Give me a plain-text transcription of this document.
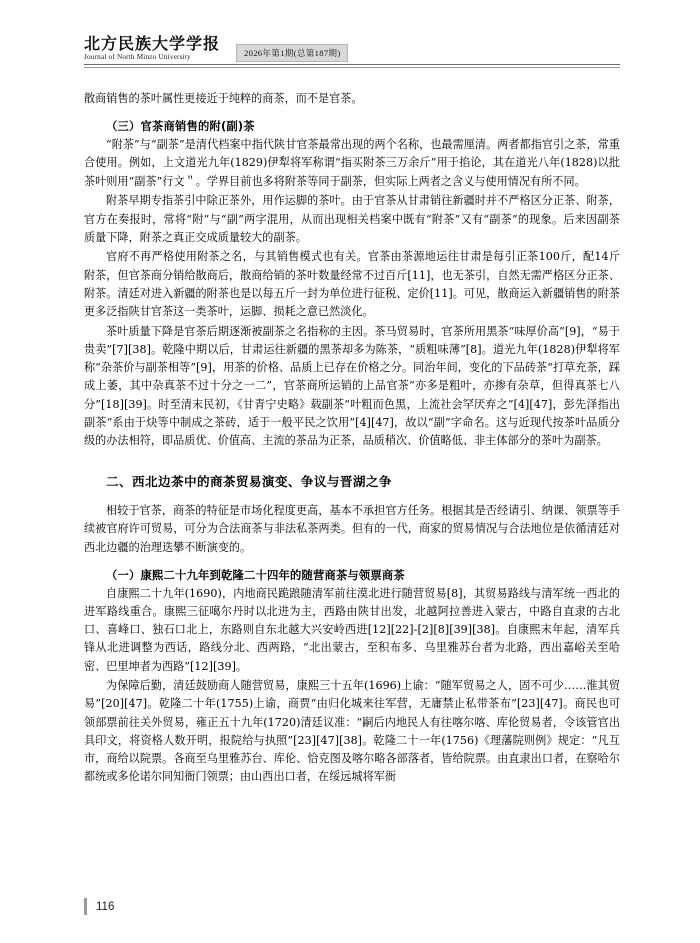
北方民族大学学报
Journal of North Minzu University	2026年第1期(总第187期)

散商销售的茶叶属性更接近于纯粹的商茶，而不是官茶。

（三）官茶商销售的附(副)茶

“附茶”与“副茶”是清代档案中指代陕甘官茶最常出现的两个名称，也最需厘清。两者都指官引之茶，常重合使用。例如，上文道光九年(1829)伊犁将军称谓“指买附茶三万余斤”用于掐论，其在道光八年(1828)以批茶叶则用“副茶”行文＂。学界目前也多将附茶等同于副茶，但实际上两者之含义与使用情况有所不同。

附茶早期专指茶引中除正茶外，用作运脚的茶叶。由于官茶从甘肃销往新疆时并不严格区分正茶、附茶，官方在奏报时，常将“附”与“副”两字混用，从而出现相关档案中既有“附茶”又有“副茶”的现象。后来因副茶质量下降，附茶之真正交成质量较大的副茶。

官府不再严格使用附茶之名，与其销售模式也有关。官茶由茶源地运往甘肃是每引正茶100斤，配14斤附茶，但官茶商分销给散商后，散商给销的茶叶数量经常不过百斤[11]，也无茶引，自然无需严格区分正茶、附茶。清廷对进入新疆的附茶也是以每五斤一封为单位进行征税、定价[11]。可见，散商运入新疆销售的附茶更多泛指陕甘官茶这一类茶叶，运脚、损耗之意已然淡化。

茶叶质量下降是官茶后期逐渐被副茶之名指称的主因。茶马贸易时，官茶所用黑茶“味厚价高”[9]，“易于贵卖”[7][38]。乾隆中期以后，甘肃运往新疆的黑茶却多为陈茶，“质粗味薄”[8]。道光九年(1828)伊犁将军称“杂茶价与副茶相等”[9]，用茶的价格、品质上已存在价格之分。同治年间，变化的下品砖茶“打草充茶，踩成上萎，其中杂真茶不过十分之一二”，官茶商所运销的上品官茶“亦多是粗叶，亦掺有杂草，但得真茶七八分”[18][39]。时至清末民初，《甘青宁史略》载副茶“叶粗而色黑，上流社会罕厌弃之”[4][47]，彭先泽指出副茶“系由于炔等中制成之茶砖，适于一般平民之饮用”[4][47]，故以“副”字命名。这与近现代按茶叶品质分级的办法相符，即品质优、价值高、主流的茶品为正茶，品质稍次、价值略低、非主体部分的茶叶为副茶。

二、西北边茶中的商茶贸易演变、争议与晋湖之争

相较于官茶，商茶的特征是市场化程度更高，基本不承担官方任务。根据其是否经请引、纳课、领票等手续被官府许可贸易，可分为合法商茶与非法私茶两类。但有的一代，商家的贸易情况与合法地位是依循清廷对西北边疆的治理迭攀不断演变的。

（一）康熙二十九年到乾隆二十四年的随营商茶与领票商茶

自康熙二十九年(1690)，内地商民跪踉随清军前往漠北进行随营贸易[8]，其贸易路线与清军统一西北的进军路线重合。康熙三征噶尔丹时以北进为主，西路由陕甘出发，北越阿拉善进入蒙古，中路自直隶的古北口、喜峰口、独石口北上，东路则自东北越大兴安岭西进[12][22]-[2][8][39][38]。自康熙末年起，清军兵锋从北进调整为西话，路线分北、西两路，“北出蒙古，至积布多、乌里雅苏台者为北路，西出嘉峪关至哈密、巴里坤者为西路”[12][39]。

为保障后勤，清廷鼓励商人随营贸易，康熙三十五年(1696)上谕：“随军贸易之人，固不可少……淮其贸易”[20][47]。乾隆二十年(1755)上谕，商贾“由归化城来往军营，无庸禁止私带茶布”[23][47]。商民也可领部票前往关外贸易，雍正五十九年(1720)清廷议准：“嗣后内地民人有往喀尔喀、库伦贸易者，令该管官出具印文，将资格人数开明，报院给与执照”[23][47][38]。乾隆二十一年(1756)《理藩院则例》规定：“凡互市，商给以院票。各商至乌里雅苏台、库伦、恰克图及喀尔略各部落者，皆给院票。由直隶出口者，在察哈尔都统或多伦诺尔同知衙门领票；由山西出口者，在绥远城将军衙

116
